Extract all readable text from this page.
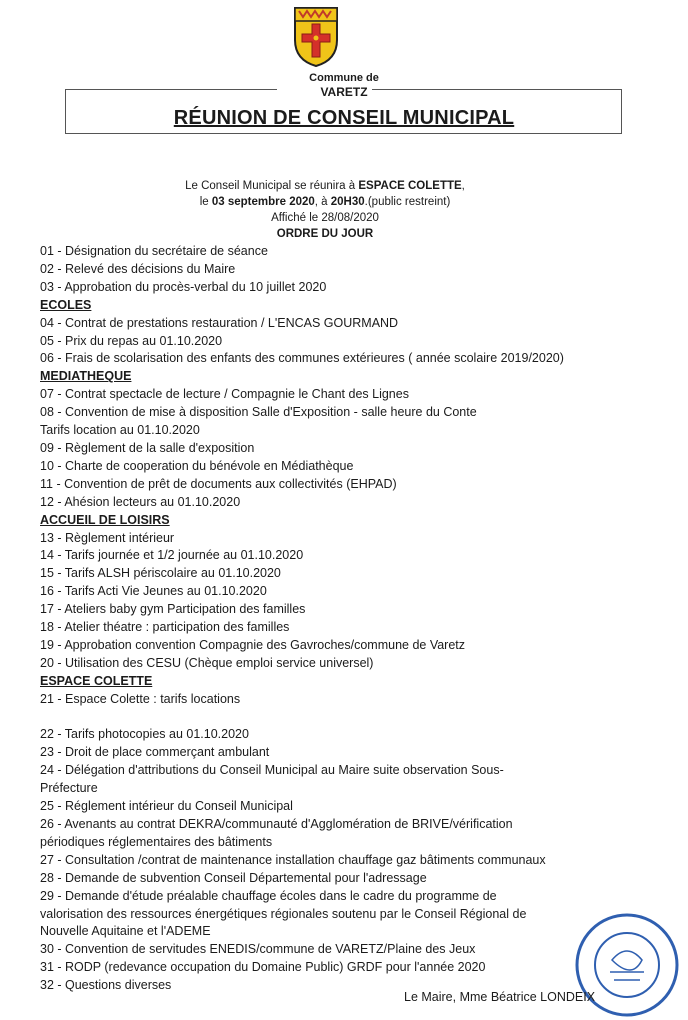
Commune de
VARETZ
RÉUNION DE CONSEIL MUNICIPAL
Le Conseil Municipal se réunira à ESPACE COLETTE,
le 03 septembre 2020, à 20H30.(public restreint)
Affiché le 28/08/2020
ORDRE DU JOUR
01 - Désignation du secrétaire de séance
02 - Relevé des décisions du Maire
03 - Approbation du procès-verbal du 10 juillet 2020
ECOLES
04 - Contrat de prestations restauration / L'ENCAS GOURMAND
05 - Prix du repas au 01.10.2020
06 - Frais de scolarisation des enfants des communes extérieures ( année scolaire 2019/2020)
MEDIATHEQUE
07 - Contrat spectacle de lecture / Compagnie le Chant des Lignes
08 - Convention de mise à disposition Salle d'Exposition - salle heure du Conte
Tarifs location au 01.10.2020
09 - Règlement de la salle d'exposition
10 - Charte de cooperation du bénévole en Médiathèque
11 - Convention de prêt de documents aux collectivités (EHPAD)
12 - Ahésion lecteurs au 01.10.2020
ACCUEIL DE LOISIRS
13 - Règlement intérieur
14 - Tarifs journée et 1/2 journée au 01.10.2020
15 - Tarifs ALSH périscolaire au 01.10.2020
16 - Tarifs Acti Vie Jeunes au 01.10.2020
17 - Ateliers baby gym Participation des familles
18 - Atelier théatre : participation des familles
19 - Approbation convention Compagnie des Gavroches/commune de Varetz
20 - Utilisation des CESU (Chèque emploi service universel)
ESPACE COLETTE
21 - Espace Colette : tarifs locations
22 - Tarifs photocopies au 01.10.2020
23 - Droit de place commerçant ambulant
24 - Délégation d'attributions du Conseil Municipal au Maire suite observation Sous-
Préfecture
25 - Réglement intérieur du Conseil Municipal
26 - Avenants au contrat DEKRA/communauté d'Agglomération de BRIVE/vérification
périodiques réglementaires des bâtiments
27 - Consultation /contrat de maintenance installation chauffage gaz bâtiments communaux
28 - Demande de subvention Conseil Départemental pour l'adressage
29 - Demande d'étude préalable chauffage écoles dans le cadre du programme de
valorisation des ressources énergétiques régionales soutenu par le Conseil Régional de
Nouvelle Aquitaine et l'ADEME
30 - Convention de servitudes ENEDIS/commune de VARETZ/Plaine des Jeux
31 - RODP (redevance occupation du Domaine Public) GRDF pour l'année 2020
32 - Questions diverses
Le Maire, Mme Béatrice LONDEIX
